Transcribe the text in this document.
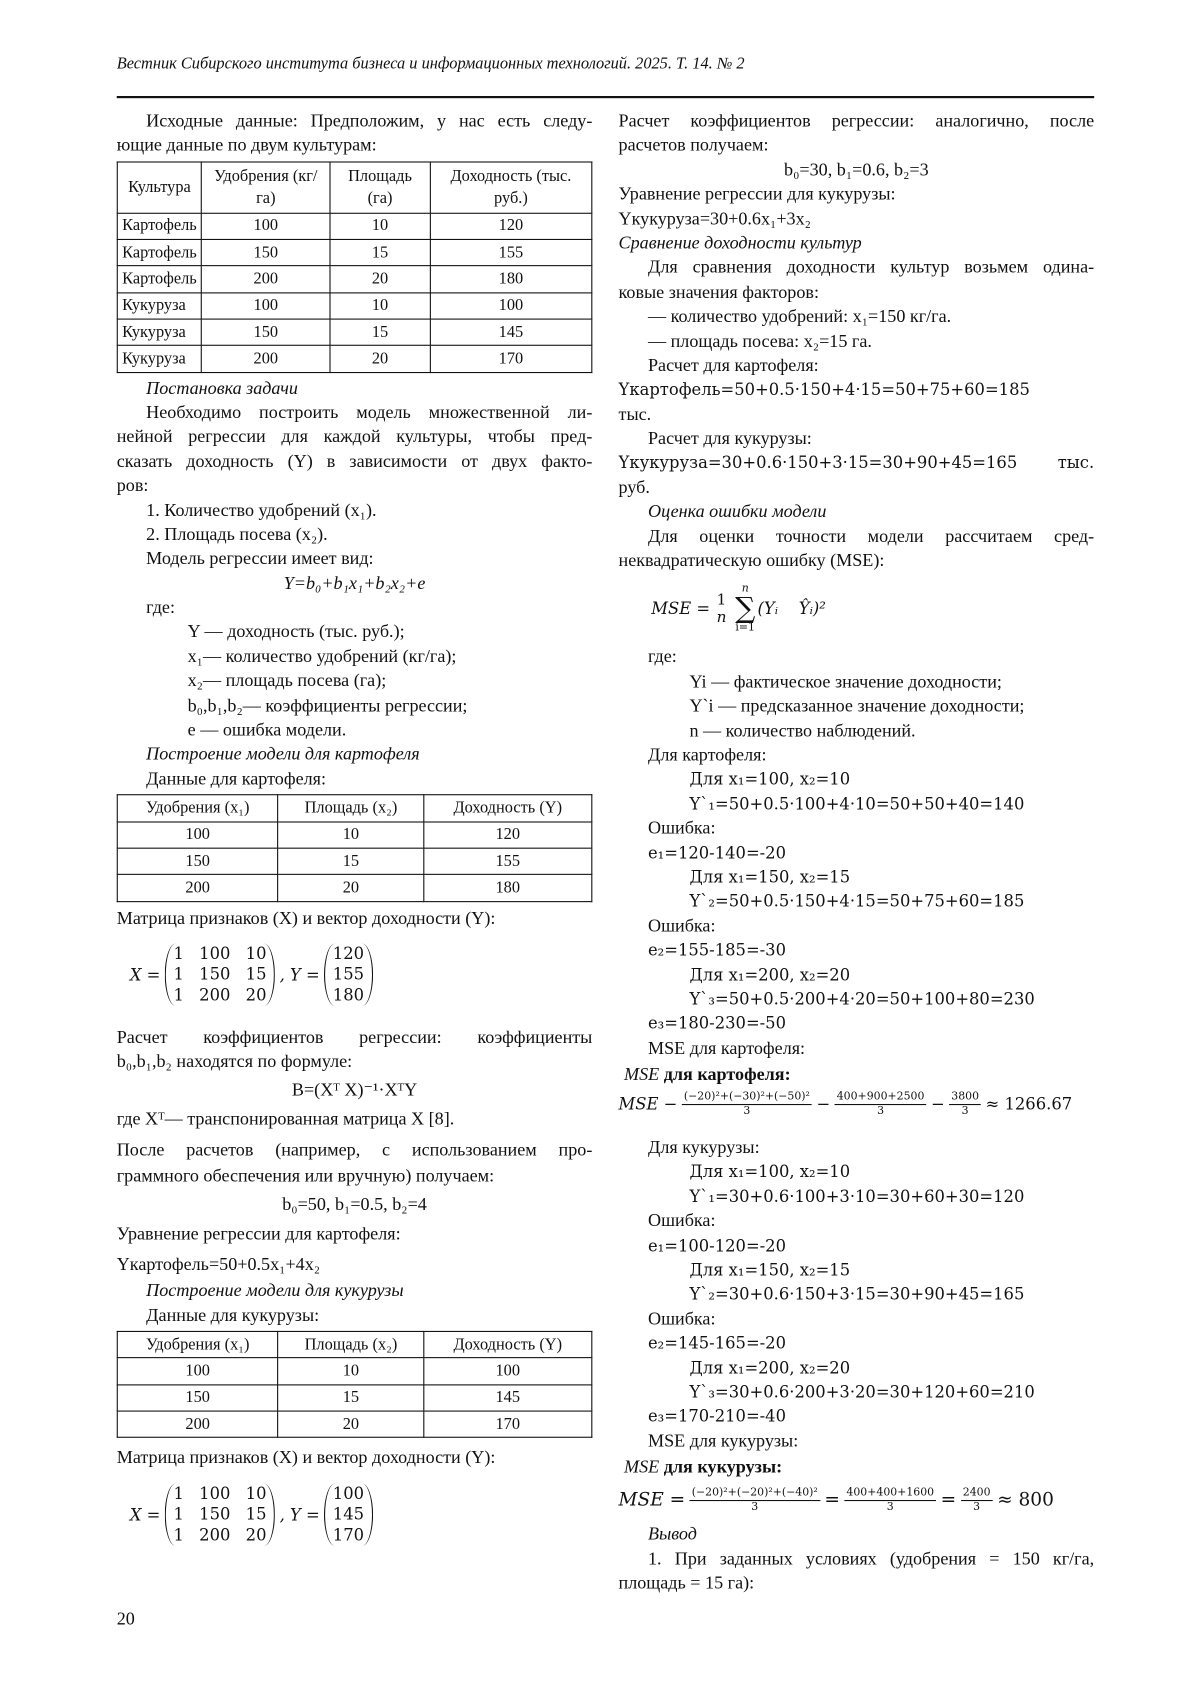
Вестник Сибирского института бизнеса и информационных технологий. 2025. Т. 14. № 2
Исходные данные: Предположим, у нас есть следу-
ющие данные по двум культурам:
Культура	Удобрения (кг/га)	Площадь (га)	Доходность (тыс. руб.)
Картофель	100	10	120
Картофель	150	15	155
Картофель	200	20	180
Кукуруза	100	10	100
Кукуруза	150	15	145
Кукуруза	200	20	170
Постановка задачи
Необходимо построить модель множественной ли-
нейной регрессии для каждой культуры, чтобы пред-
сказать доходность (Y) в зависимости от двух факто-
ров:
1. Количество удобрений (x₁).
2. Площадь посева (x₂).
Модель регрессии имеет вид:
Y=b₀+b₁x₁+b₂x₂+e
где:
Y — доходность (тыс. руб.);
x₁— количество удобрений (кг/га);
x₂— площадь посева (га);
b₀,b₁,b₂— коэффициенты регрессии;
e — ошибка модели.
Построение модели для картофеля
Данные для картофеля:
Удобрения (x₁)	Площадь (x₂)	Доходность (Y)
100	10	120
150	15	155
200	20	180
Матрица признаков (X) и вектор доходности (Y):
X =
1 100 10
1 150 15
1 200 20
, Y =
120
155
180
Расчет коэффициентов регрессии: коэффициенты
b₀,b₁,b₂ находятся по формуле:
B=(Xᵀ X)⁻¹·XᵀY
где Xᵀ— транспонированная матрица X [8].
После расчетов (например, с использованием про-
граммного обеспечения или вручную) получаем:
b₀=50, b₁=0.5, b₂=4
Уравнение регрессии для картофеля:
Yкартофель=50+0.5x₁+4x₂
Построение модели для кукурузы
Данные для кукурузы:
Удобрения (x₁)	Площадь (x₂)	Доходность (Y)
100	10	100
150	15	145
200	20	170
Матрица признаков (X) и вектор доходности (Y):
X =
1 100 10
1 150 15
1 200 20
, Y =
100
145
170
Расчет коэффициентов регрессии: аналогично, после
расчетов получаем:
b₀=30, b₁=0.6, b₂=3
Уравнение регрессии для кукурузы:
Yкукуруза=30+0.6x₁+3x₂
Сравнение доходности культур
Для сравнения доходности культур возьмем одина-
ковые значения факторов:
— количество удобрений: x₁=150 кг/га.
— площадь посева: x₂=15 га.
Расчет для картофеля:
Yкартофель=50+0.5·150+4·15=50+75+60=185
тыс.
Расчет для кукурузы:
Yкукуруза=30+0.6·150+3·15=30+90+45=165 тыс.
руб.
Оценка ошибки модели
Для оценки точности модели рассчитаем сред-
неквадратическую ошибку (MSE):
MSE = 1
n
n
∑
i=1
(Yᵢ    Ŷᵢ)²
где:
Yi — фактическое значение доходности;
Y`i — предсказанное значение доходности;
n — количество наблюдений.
Для картофеля:
Для x₁=100, x₂=10
Y`₁=50+0.5·100+4·10=50+50+40=140
Ошибка:
e₁=120-140=-20
Для x₁=150, x₂=15
Y`₂=50+0.5·150+4·15=50+75+60=185
Ошибка:
e₂=155-185=-30
Для x₁=200, x₂=20
Y`₃=50+0.5·200+4·20=50+100+80=230
e₃=180-230=-50
MSE для картофеля:
MSE для картофеля:
MSE − (−20)²+(−30)²+(−50)²
3	− 400+900+2500
3	− 3800
3 ≈ 1266.67
Для кукурузы:
Для x₁=100, x₂=10
Y`₁=30+0.6·100+3·10=30+60+30=120
Ошибка:
e₁=100-120=-20
Для x₁=150, x₂=15
Y`₂=30+0.6·150+3·15=30+90+45=165
Ошибка:
e₂=145-165=-20
Для x₁=200, x₂=20
Y`₃=30+0.6·200+3·20=30+120+60=210
e₃=170-210=-40
MSE для кукурузы:
MSE для кукурузы:
MSE = (−20)²+(−20)²+(−40)²
3	= 400+400+1600
3	= 2400
3 ≈ 800
Вывод
1. При заданных условиях (удобрения = 150 кг/га,
площадь = 15 га):
20
